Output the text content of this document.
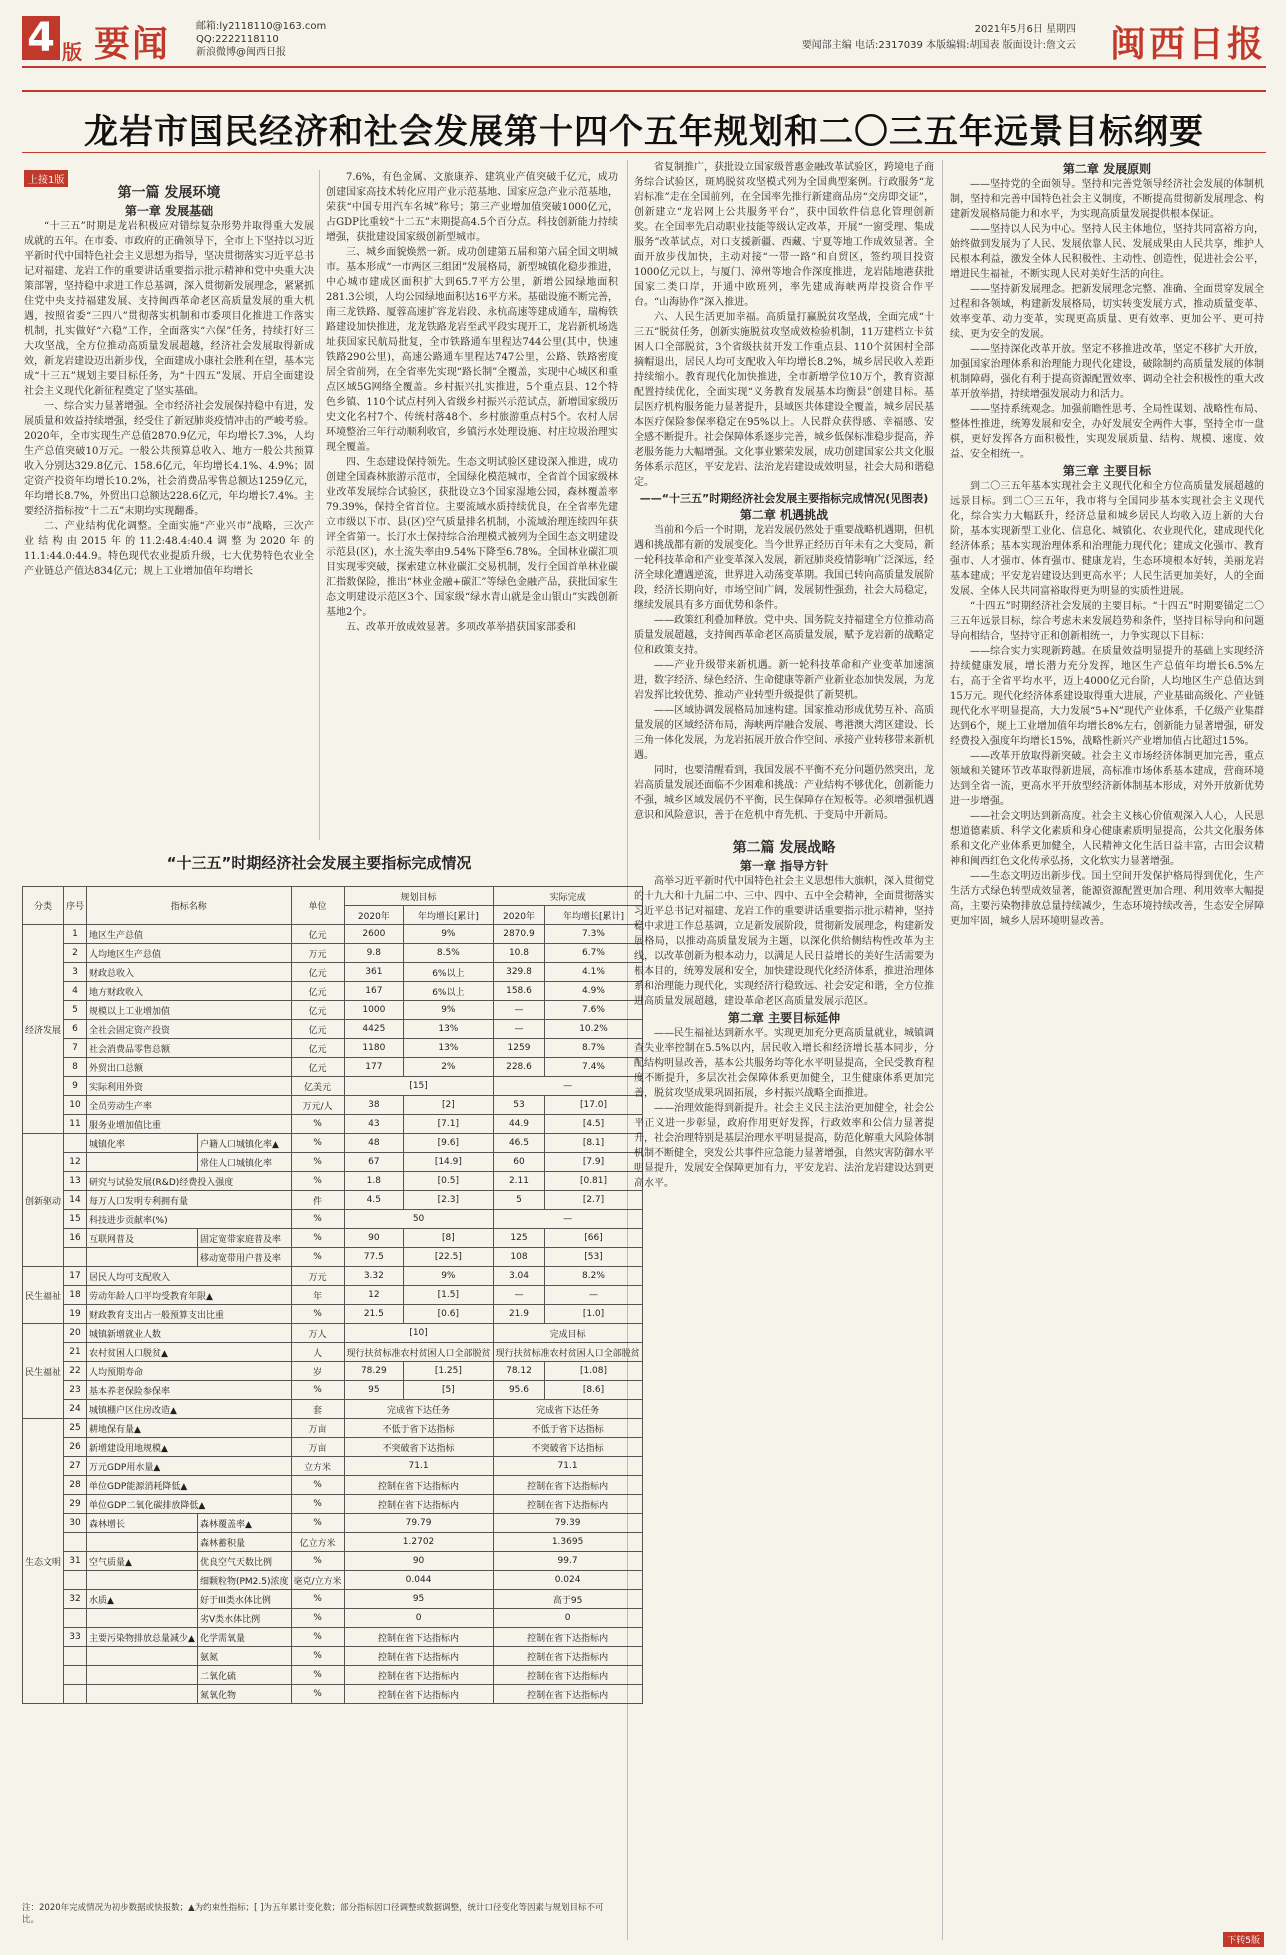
4 版 要闻	邮箱:ly2118110@163.com
QQ:2222118110
新浪微博@闽西日报
2021年5月6日 星期四
要闻部主编 电话:2317039 本版编辑:胡国表 版面设计:詹文云 闽西日报
龙岩市国民经济和社会发展第十四个五年规划和二〇三五年远景目标纲要
上接1版

第一篇 发展环境

第一章 发展基础

“十三五”时期是龙岩积极应对错综复杂形势并取得重大发展成就的五年。在市委、市政府的正确领导下，全市上下坚持以习近平新时代中国特色社会主义思想为指导，坚决贯彻落实习近平总书记对福建、龙岩工作的重要讲话重要指示批示精神和党中央重大决策部署，坚持稳中求进工作总基调，深入贯彻新发展理念，紧紧抓住党中央支持福建发展、支持闽西革命老区高质量发展的重大机遇，按照省委“三四八”贯彻落实机制和市委项目化推进工作落实机制，扎实做好“六稳”工作，全面落实“六保”任务，持续打好三大攻坚战，全方位推动高质量发展超越，经济社会发展取得新成效，新龙岩建设迈出新步伐，全面建成小康社会胜利在望，基本完成“十三五”规划主要目标任务，为“十四五”发展、开启全面建设社会主义现代化新征程奠定了坚实基础。

一、综合实力显著增强。全市经济社会发展保持稳中有进，发展质量和效益持续增强，经受住了新冠肺炎疫情冲击的严峻考验。2020年，全市实现生产总值2870.9亿元，年均增长7.3%，人均生产总值突破10万元。一般公共预算总收入、地方一般公共预算收入分别达329.8亿元、158.6亿元，年均增长4.1%、4.9%；固定资产投资年均增长10.2%，社会消费品零售总额达1259亿元，年均增长8.7%，外贸出口总额达228.6亿元，年均增长7.4%。主要经济指标按“十二五”末期均实现翻番。

二、产业结构优化调整。全面实施“产业兴市”战略，三次产业结构由2015年的11.2:48.4:40.4调整为2020年的11.1:44.0:44.9。特色现代农业提质升级，七大优势特色农业全产业链总产值达834亿元；规上工业增加值年均增长

7.6%，有色金属、文旅康养、建筑业产值突破千亿元，成功创建国家高技术转化应用产业示范基地、国家应急产业示范基地，荣获“中国专用汽车名城”称号；第三产业增加值突破1000亿元，占GDP比重较“十二五”末期提高4.5个百分点。科技创新能力持续增强，获批建设国家级创新型城市。

三、城乡面貌焕然一新。成功创建第五届和第六届全国文明城市。基本形成“一市两区三组团”发展格局，新型城镇化稳步推进，中心城市建成区面积扩大到65.7平方公里，新增公园绿地面积281.3公顷，人均公园绿地面积达16平方米。基础设施不断完善，南三龙铁路、厦蓉高速扩容龙岩段、永杭高速等建成通车，瑞梅铁路建设加快推进，龙龙铁路龙岩至武平段实现开工，龙岩新机场选址获国家民航局批复，全市铁路通车里程达744公里(其中，快速铁路290公里)，高速公路通车里程达747公里，公路、铁路密度居全省前列，在全省率先实现“路长制”全覆盖，实现中心城区和重点区域5G网络全覆盖。乡村振兴扎实推进，5个重点县、12个特色乡镇、110个试点村列入省级乡村振兴示范试点，新增国家级历史文化名村7个、传统村落48个、乡村旅游重点村5个。农村人居环境整治三年行动顺利收官，乡镇污水处理设施、村庄垃圾治理实现全覆盖。

四、生态建设保持领先。生态文明试验区建设深入推进，成功创建全国森林旅游示范市，全国绿化模范城市，全省首个国家级林业改革发展综合试验区，获批设立3个国家湿地公园，森林覆盖率79.39%，保持全省首位。主要流域水质持续优良，在全省率先建立市级以下市、县(区)空气质量排名机制，小流域治理连续四年获评全省第一。长汀水土保持综合治理模式被列为全国生态文明建设示范县(区)，水土流失率由9.54%下降至6.78%。全国林业碳汇项目实现零突破，探索建立林业碳汇交易机制，发行全国首单林业碳汇指数保险，推出“林业金融+碳汇”等绿色金融产品，获批国家生态文明建设示范区3个、国家级“绿水青山就是金山银山”实践创新基地2个。

五、改革开放成效显著。多项改革举措获国家部委和

“十三五”时期经济社会发展主要指标完成情况
分类	序号	指标名称		单位	规划目标		实际完成	
					2020年	年均增长[累计]	2020年	年均增长[累计]
经济发展	1	地区生产总值		亿元	2600	9%	2870.9	7.3%
	2	人均地区生产总值		万元	9.8	8.5%	10.8	6.7%
	3	财政总收入		亿元	361	6%以上	329.8	4.1%
	4	地方财政收入		亿元	167	6%以上	158.6	4.9%
	5	规模以上工业增加值		亿元	1000	9%	—	7.6%
	6	全社会固定资产投资		亿元	4425	13%	—	10.2%
	7	社会消费品零售总额		亿元	1180	13%	1259	8.7%
	8	外贸出口总额		亿元	177	2%	228.6	7.4%
	9	实际利用外资		亿美元	[15]		—	
	10	全员劳动生产率		万元/人	38	[2]	53	[17.0]
	11	服务业增加值比重		%	43	[7.1]	44.9	[4.5]
创新驱动		城镇化率	户籍人口城镇化率▲	%	48	[9.6]	46.5	[8.1]
	12		常住人口城镇化率	%	67	[14.9]	60	[7.9]
	13	研究与试验发展(R&D)经费投入强度		%	1.8	[0.5]	2.11	[0.81]
	14	每万人口发明专利拥有量		件	4.5	[2.3]	5	[2.7]
	15	科技进步贡献率(%)		%	50		—	
	16	互联网普及	固定宽带家庭普及率	%	90	[8]	125	[66]
			移动宽带用户普及率	%	77.5	[22.5]	108	[53]
民生福祉	17	居民人均可支配收入		万元	3.32	9%	3.04	8.2%
	18	劳动年龄人口平均受教育年限▲		年	12	[1.5]	—	—
	19	财政教育支出占一般预算支出比重		%	21.5	[0.6]	21.9	[1.0]
民生福祉	20	城镇新增就业人数		万人	[10]		完成目标	
	21	农村贫困人口脱贫▲		人	现行扶贫标准农村贫困人口全部脱贫		现行扶贫标准农村贫困人口全部脱贫	
	22	人均预期寿命		岁	78.29	[1.25]	78.12	[1.08]
	23	基本养老保险参保率		%	95	[5]	95.6	[8.6]
	24	城镇棚户区住房改造▲		套	完成省下达任务		完成省下达任务	
生态文明	25	耕地保有量▲		万亩	不低于省下达指标		不低于省下达指标	
	26	新增建设用地规模▲		万亩	不突破省下达指标		不突破省下达指标	
	27	万元GDP用水量▲		立方米	71.1		71.1	
	28	单位GDP能源消耗降低▲		%	控制在省下达指标内		控制在省下达指标内	
	29	单位GDP二氧化碳排放降低▲		%	控制在省下达指标内		控制在省下达指标内	
	30	森林增长	森林覆盖率▲	%	79.79		79.39	
			森林蓄积量	亿立方米	1.2702		1.3695	
	31	空气质量▲	优良空气天数比例	%	90		99.7	
			细颗粒物(PM2.5)浓度	毫克/立方米	0.044		0.024	
	32	水质▲	好于III类水体比例	%	95		高于95	
			劣V类水体比例	%	0		0	
	33	主要污染物排放总量减少▲	化学需氧量	%	控制在省下达指标内		控制在省下达指标内	
			氨氮	%	控制在省下达指标内		控制在省下达指标内	
			二氧化硫	%	控制在省下达指标内		控制在省下达指标内	
			氮氧化物	%	控制在省下达指标内		控制在省下达指标内	
注：2020年完成情况为初步数据或快报数；▲为约束性指标；[ ]为五年累计变化数；部分指标因口径调整或数据调整，统计口径变化等因素与规划目标不可比。

省复制推广，获批设立国家级普惠金融改革试验区，跨境电子商务综合试验区，斑鸠脱贫攻坚模式列为全国典型案例。行政服务“龙岩标准”走在全国前列，在全国率先推行新建商品房“交房即交证”，创新建立“龙岩网上公共服务平台”，获中国软件信息化管理创新奖。在全国率先启动职业技能等级认定改革，开展“一窗受理、集成服务”改革试点，对口支援新疆、西藏、宁夏等地工作成效显著。全面开放步伐加快，主动对接“一带一路”和自贸区，签约项目投资1000亿元以上，与厦门、漳州等地合作深度推进，龙岩陆地港获批国家二类口岸，开通中欧班列，率先建成海峡两岸投资合作平台。“山海协作”深入推进。

六、人民生活更加幸福。高质量打赢脱贫攻坚战，全面完成“十三五”脱贫任务，创新实施脱贫攻坚成效检验机制，11万建档立卡贫困人口全部脱贫，3个省级扶贫开发工作重点县、110个贫困村全部摘帽退出，居民人均可支配收入年均增长8.2%，城乡居民收入差距持续缩小。教育现代化加快推进，全市新增学位10万个，教育资源配置持续优化，全面实现“义务教育发展基本均衡县”创建目标。基层医疗机构服务能力显著提升，县域医共体建设全覆盖，城乡居民基本医疗保险参保率稳定在95%以上。人民群众获得感、幸福感、安全感不断提升。社会保障体系逐步完善，城乡低保标准稳步提高，养老服务能力大幅增强。文化事业繁荣发展，成功创建国家公共文化服务体系示范区，平安龙岩、法治龙岩建设成效明显，社会大局和谐稳定。

——“十三五”时期经济社会发展主要指标完成情况(见图表)

第二章 机遇挑战

当前和今后一个时期，龙岩发展仍然处于重要战略机遇期，但机遇和挑战都有新的发展变化。当今世界正经历百年未有之大变局，新一轮科技革命和产业变革深入发展，新冠肺炎疫情影响广泛深远，经济全球化遭遇逆流，世界进入动荡变革期。我国已转向高质量发展阶段，经济长期向好，市场空间广阔，发展韧性强劲，社会大局稳定，继续发展具有多方面优势和条件。

——政策红利叠加释放。党中央、国务院支持福建全方位推动高质量发展超越，支持闽西革命老区高质量发展，赋予龙岩新的战略定位和政策支持。

——产业升级带来新机遇。新一轮科技革命和产业变革加速演进，数字经济、绿色经济、生命健康等新产业新业态加快发展，为龙岩发挥比较优势、推动产业转型升级提供了新契机。

——区域协调发展格局加速构建。国家推动形成优势互补、高质量发展的区域经济布局，海峡两岸融合发展、粤港澳大湾区建设、长三角一体化发展，为龙岩拓展开放合作空间、承接产业转移带来新机遇。

同时，也要清醒看到，我国发展不平衡不充分问题仍然突出，龙岩高质量发展还面临不少困难和挑战：产业结构不够优化，创新能力不强，城乡区域发展仍不平衡，民生保障存在短板等。必须增强机遇意识和风险意识，善于在危机中育先机、于变局中开新局。

第二篇 发展战略

第一章 指导方针

高举习近平新时代中国特色社会主义思想伟大旗帜，深入贯彻党的十九大和十九届二中、三中、四中、五中全会精神，全面贯彻落实习近平总书记对福建、龙岩工作的重要讲话重要指示批示精神，坚持稳中求进工作总基调，立足新发展阶段，贯彻新发展理念，构建新发展格局，以推动高质量发展为主题，以深化供给侧结构性改革为主线，以改革创新为根本动力，以满足人民日益增长的美好生活需要为根本目的，统筹发展和安全，加快建设现代化经济体系，推进治理体系和治理能力现代化，实现经济行稳致远、社会安定和谐，全方位推进高质量发展超越，建设革命老区高质量发展示范区。

第二章 主要目标延伸

——民生福祉达到新水平。实现更加充分更高质量就业，城镇调查失业率控制在5.5%以内，居民收入增长和经济增长基本同步，分配结构明显改善，基本公共服务均等化水平明显提高，全民受教育程度不断提升，多层次社会保障体系更加健全，卫生健康体系更加完善，脱贫攻坚成果巩固拓展，乡村振兴战略全面推进。

——治理效能得到新提升。社会主义民主法治更加健全，社会公平正义进一步彰显，政府作用更好发挥，行政效率和公信力显著提升，社会治理特别是基层治理水平明显提高，防范化解重大风险体制机制不断健全，突发公共事件应急能力显著增强，自然灾害防御水平明显提升，发展安全保障更加有力，平安龙岩、法治龙岩建设达到更高水平。

第二章 发展原则

——坚持党的全面领导。坚持和完善党领导经济社会发展的体制机制，坚持和完善中国特色社会主义制度，不断提高贯彻新发展理念、构建新发展格局能力和水平，为实现高质量发展提供根本保证。

——坚持以人民为中心。坚持人民主体地位，坚持共同富裕方向，始终做到发展为了人民、发展依靠人民、发展成果由人民共享，维护人民根本利益，激发全体人民积极性、主动性、创造性，促进社会公平，增进民生福祉，不断实现人民对美好生活的向往。

——坚持新发展理念。把新发展理念完整、准确、全面贯穿发展全过程和各领域，构建新发展格局，切实转变发展方式，推动质量变革、效率变革、动力变革，实现更高质量、更有效率、更加公平、更可持续、更为安全的发展。

——坚持深化改革开放。坚定不移推进改革，坚定不移扩大开放，加强国家治理体系和治理能力现代化建设，破除制约高质量发展的体制机制障碍，强化有利于提高资源配置效率、调动全社会积极性的重大改革开放举措，持续增强发展动力和活力。

——坚持系统观念。加强前瞻性思考、全局性谋划、战略性布局、整体性推进，统筹发展和安全，办好发展安全两件大事，坚持全市一盘棋，更好发挥各方面积极性，实现发展质量、结构、规模、速度、效益、安全相统一。

第三章 主要目标

到二〇三五年基本实现社会主义现代化和全方位高质量发展超越的远景目标。到二〇三五年，我市将与全国同步基本实现社会主义现代化，综合实力大幅跃升，经济总量和城乡居民人均收入迈上新的大台阶，基本实现新型工业化、信息化、城镇化、农业现代化，建成现代化经济体系；基本实现治理体系和治理能力现代化；建成文化强市、教育强市、人才强市、体育强市、健康龙岩，生态环境根本好转，美丽龙岩基本建成；平安龙岩建设达到更高水平；人民生活更加美好，人的全面发展、全体人民共同富裕取得更为明显的实质性进展。

“十四五”时期经济社会发展的主要目标。“十四五”时期要锚定二〇三五年远景目标，综合考虑未来发展趋势和条件，坚持目标导向和问题导向相结合，坚持守正和创新相统一，力争实现以下目标：

——综合实力实现新跨越。在质量效益明显提升的基础上实现经济持续健康发展，增长潜力充分发挥，地区生产总值年均增长6.5%左右，高于全省平均水平，迈上4000亿元台阶，人均地区生产总值达到15万元。现代化经济体系建设取得重大进展，产业基础高级化、产业链现代化水平明显提高，大力发展“5+N”现代产业体系，千亿级产业集群达到6个，规上工业增加值年均增长8%左右，创新能力显著增强，研发经费投入强度年均增长15%，战略性新兴产业增加值占比超过15%。

——改革开放取得新突破。社会主义市场经济体制更加完善，重点领域和关键环节改革取得新进展，高标准市场体系基本建成，营商环境达到全省一流，更高水平开放型经济新体制基本形成，对外开放新优势进一步增强。

——社会文明达到新高度。社会主义核心价值观深入人心，人民思想道德素质、科学文化素质和身心健康素质明显提高，公共文化服务体系和文化产业体系更加健全，人民精神文化生活日益丰富，古田会议精神和闽西红色文化传承弘扬，文化软实力显著增强。

——生态文明迈出新步伐。国土空间开发保护格局得到优化，生产生活方式绿色转型成效显著，能源资源配置更加合理、利用效率大幅提高，主要污染物排放总量持续减少，生态环境持续改善，生态安全屏障更加牢固，城乡人居环境明显改善。

下转5版
